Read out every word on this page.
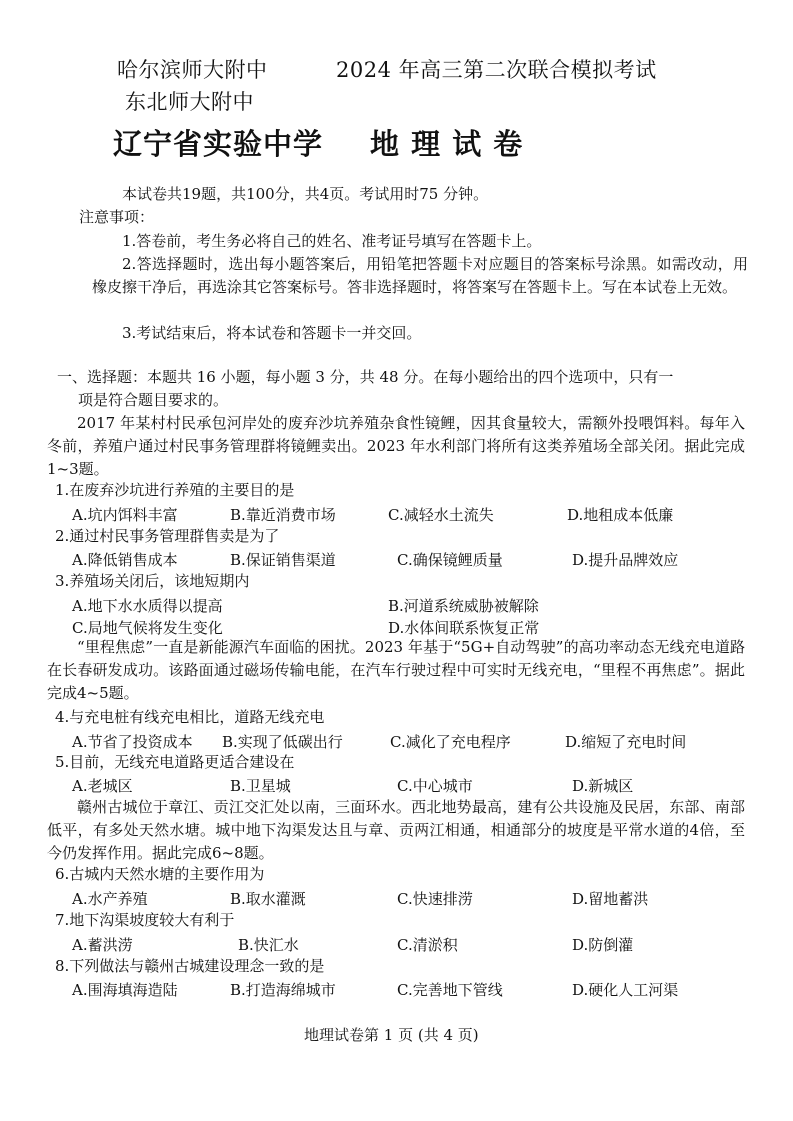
哈尔滨师大附中	2024 年高三第二次联合模拟考试
东北师大附中
辽宁省实验中学 地 理 试 卷
本试卷共19题，共100分，共4页。考试用时75 分钟。
注意事项：
1.答卷前，考生务必将自己的姓名、准考证号填写在答题卡上。
2.答选择题时，选出每小题答案后，用铅笔把答题卡对应题目的答案标号涂黑。如需改动，用橡皮擦干净后，再选涂其它答案标号。答非选择题时，将答案写在答题卡上。写在本试卷上无效。
3.考试结束后，将本试卷和答题卡一并交回。
一、选择题：本题共 16 小题，每小题 3 分，共 48 分。在每小题给出的四个选项中，只有一
项是符合题目要求的。
2017 年某村村民承包河岸处的废弃沙坑养殖杂食性镜鲤，因其食量较大，需额外投喂饵料。每年入冬前，养殖户通过村民事务管理群将镜鲤卖出。2023 年水利部门将所有这类养殖场全部关闭。据此完成1~3题。
1.在废弃沙坑进行养殖的主要目的是
A.坑内饵料丰富	B.靠近消费市场	C.减轻水土流失	D.地租成本低廉
2.通过村民事务管理群售卖是为了
A.降低销售成本	B.保证销售渠道	C.确保镜鲤质量	D.提升品牌效应
3.养殖场关闭后，该地短期内
A.地下水水质得以提高	B.河道系统威胁被解除
C.局地气候将发生变化	D.水体间联系恢复正常
“里程焦虑”一直是新能源汽车面临的困扰。2023 年基于“5G+自动驾驶”的高功率动态无线充电道路在长春研发成功。该路面通过磁场传输电能，在汽车行驶过程中可实时无线充电，“里程不再焦虑”。据此完成4~5题。
4.与充电桩有线充电相比，道路无线充电
A.节省了投资成本 B.实现了低碳出行	C.减化了充电程序	D.缩短了充电时间
5.目前，无线充电道路更适合建设在
A.老城区	B.卫星城	C.中心城市	D.新城区
赣州古城位于章江、贡江交汇处以南，三面环水。西北地势最高，建有公共设施及民居，东部、南部低平，有多处天然水塘。城中地下沟渠发达且与章、贡两江相通，相通部分的坡度是平常水道的4倍，至今仍发挥作用。据此完成6~8题。
6.古城内天然水塘的主要作用为
A.水产养殖	B.取水灌溉	C.快速排涝	D.留地蓄洪
7.地下沟渠坡度较大有利于
A.蓄洪涝	B.快汇水	C.清淤积	D.防倒灌
8.下列做法与赣州古城建设理念一致的是
A.围海填海造陆	B.打造海绵城市	C.完善地下管线	D.硬化人工河渠
地理试卷第 1 页 (共 4 页)
